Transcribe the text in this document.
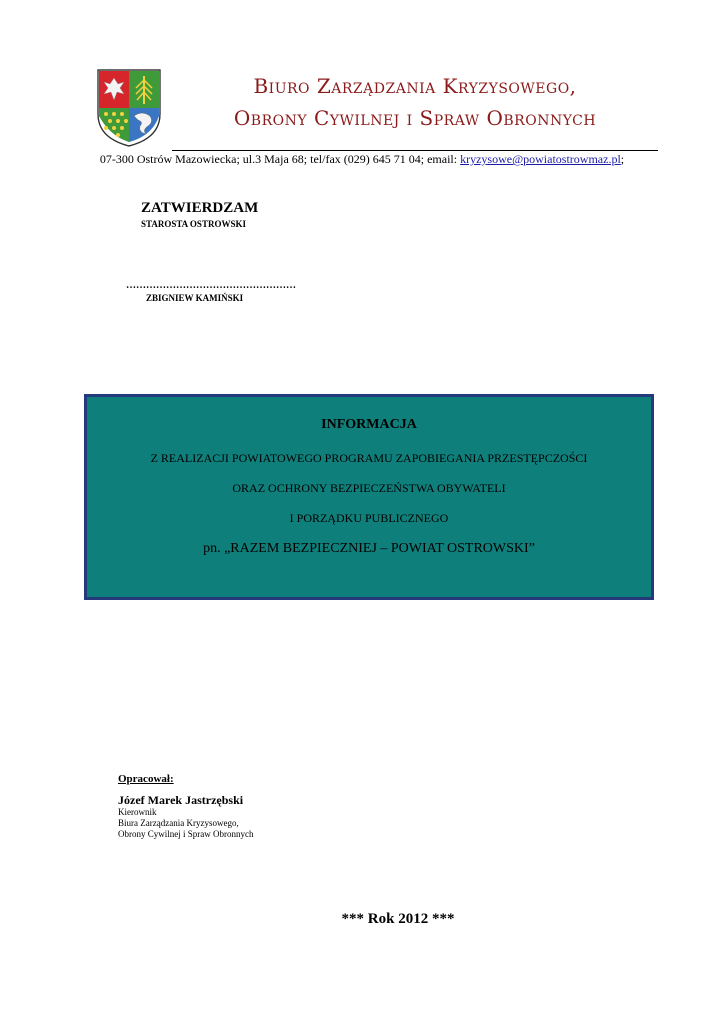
Biuro Zarządzania Kryzysowego,
Obrony Cywilnej i Spraw Obronnych
07-300 Ostrów Mazowiecka; ul.3 Maja 68; tel/fax (029) 645 71 04; email: kryzysowe@powiatostrowmaz.pl;
ZATWIERDZAM
STAROSTA OSTROWSKI
……………………………………………
ZBIGNIEW KAMIŃSKI
INFORMACJA
Z REALIZACJI POWIATOWEGO PROGRAMU ZAPOBIEGANIA PRZESTĘPCZOŚCI
ORAZ OCHRONY BEZPIECZEŃSTWA OBYWATELI
I PORZĄDKU PUBLICZNEGO
pn. „RAZEM BEZPIECZNIEJ – POWIAT OSTROWSKI”
Opracował:
Józef Marek Jastrzębski
Kierownik
Biura Zarządzania Kryzysowego,
Obrony Cywilnej i Spraw Obronnych
*** Rok 2012 ***
